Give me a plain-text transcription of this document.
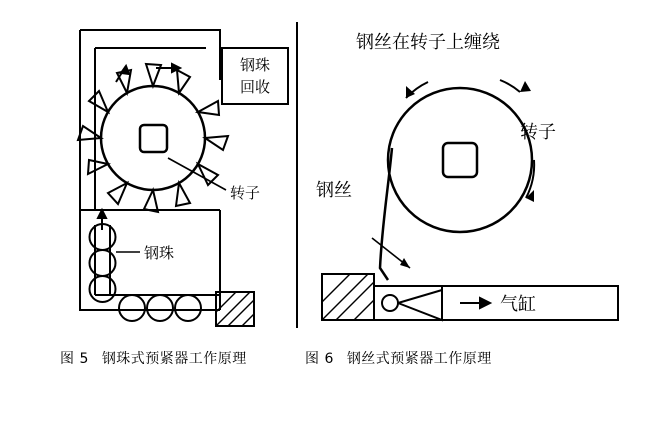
钢珠
回收
转子
钢珠
钢丝在转子上缠绕
转子
钢丝
气缸
图 5 钢珠式预紧器工作原理	图 6 钢丝式预紧器工作原理
